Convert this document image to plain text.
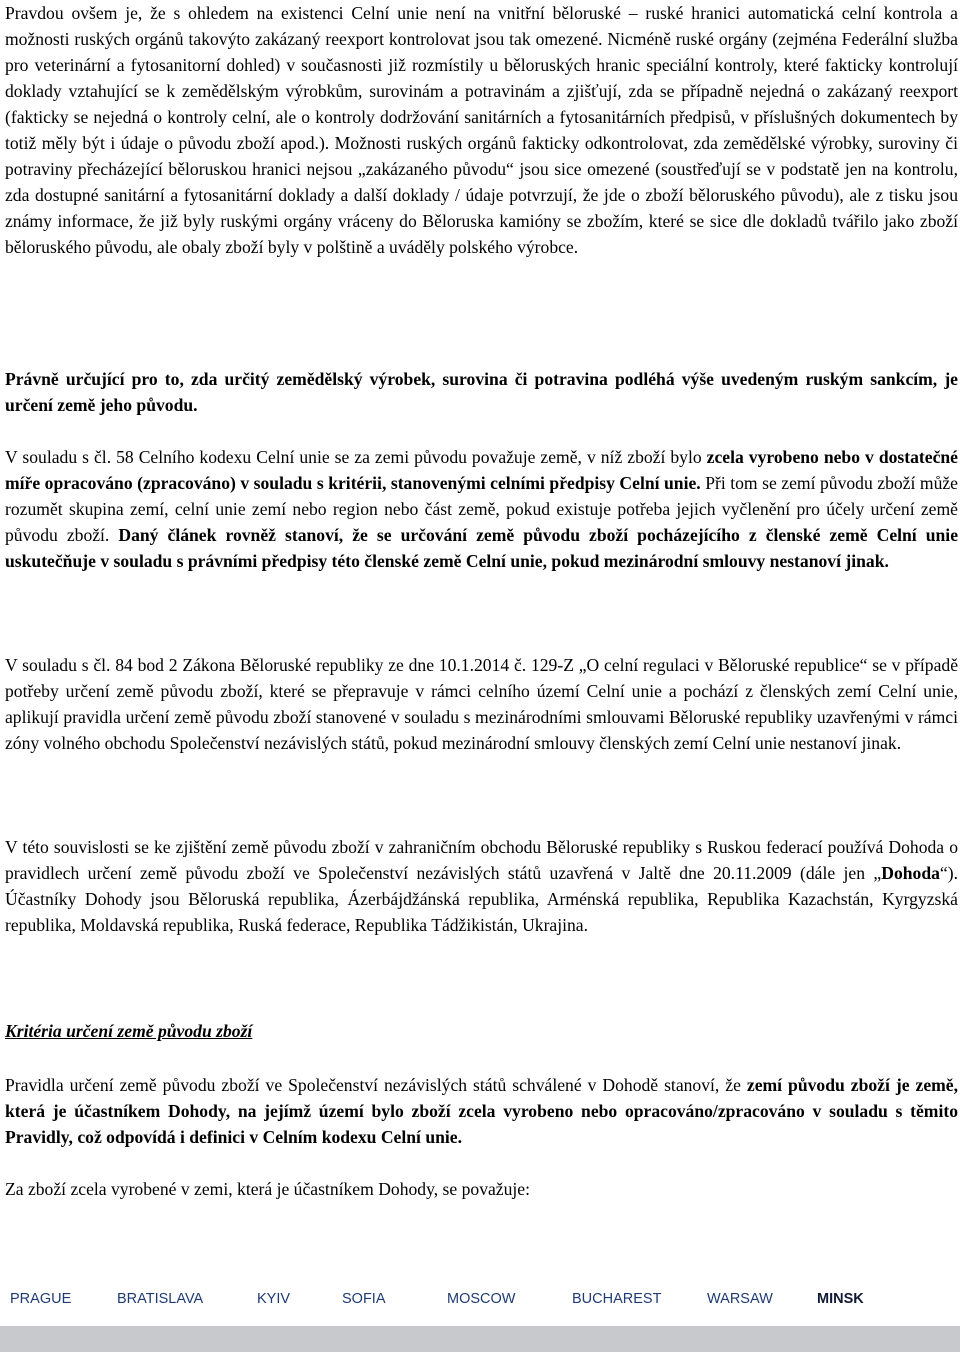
Pravdou ovšem je, že s ohledem na existenci Celní unie není na vnitřní běloruské – ruské hranici automatická celní kontrola a možnosti ruských orgánů takovýto zakázaný reexport kontrolovat jsou tak omezené. Nicméně ruské orgány (zejména Federální služba pro veterinární a fytosanitorní dohled) v současnosti již rozmístily u běloruských hranic speciální kontroly, které fakticky kontrolují doklady vztahující se k zemědělským výrobkům, surovinám a potravinám a zjišťují, zda se případně nejedná o zakázaný reexport (fakticky se nejedná o kontroly celní, ale o kontroly dodržování sanitárních a fytosanitárních předpisů, v příslušných dokumentech by totiž měly být i údaje o původu zboží apod.). Možnosti ruských orgánů fakticky odkontrolovat, zda zemědělské výrobky, suroviny či potraviny přecházející běloruskou hranici nejsou „zakázaného původu“ jsou sice omezené (soustřeďují se v podstatě jen na kontrolu, zda dostupné sanitární a fytosanitární doklady a další doklady / údaje potvrzují, že jde o zboží běloruského původu), ale z tisku jsou známy informace, že již byly ruskými orgány vráceny do Běloruska kamióny se zbožím, které se sice dle dokladů tvářilo jako zboží běloruského původu, ale obaly zboží byly v polštině a uváděly polského výrobce.

Právně určující pro to, zda určitý zemědělský výrobek, surovina či potravina podléhá výše uvedeným ruským sankcím, je určení země jeho původu.

V souladu s čl. 58 Celního kodexu Celní unie se za zemi původu považuje země, v níž zboží bylo zcela vyrobeno nebo v dostatečné míře opracováno (zpracováno) v souladu s kritérii, stanovenými celními předpisy Celní unie. Při tom se zemí původu zboží může rozumět skupina zemí, celní unie zemí nebo region nebo část země, pokud existuje potřeba jejich vyčlenění pro účely určení země původu zboží. Daný článek rovněž stanoví, že se určování země původu zboží pocházejícího z členské země Celní unie uskutečňuje v souladu s právními předpisy této členské země Celní unie, pokud mezinárodní smlouvy nestanoví jinak.

V souladu s čl. 84 bod 2 Zákona Běloruské republiky ze dne 10.1.2014 č. 129-Z „O celní regulaci v Běloruské republice“ se v případě potřeby určení země původu zboží, které se přepravuje v rámci celního území Celní unie a pochází z členských zemí Celní unie, aplikují pravidla určení země původu zboží stanovené v souladu s mezinárodními smlouvami Běloruské republiky uzavřenými v rámci zóny volného obchodu Společenství nezávislých států, pokud mezinárodní smlouvy členských zemí Celní unie nestanoví jinak.

V této souvislosti se ke zjištění země původu zboží v zahraničním obchodu Běloruské republiky s Ruskou federací používá Dohoda o pravidlech určení země původu zboží ve Společenství nezávislých států uzavřená v Jaltě dne 20.11.2009 (dále jen „Dohoda“). Účastníky Dohody jsou Běloruská republika, Ázerbájdžánská republika, Arménská republika, Republika Kazachstán, Kyrgyzská republika, Moldavská republika, Ruská federace, Republika Tádžikistán, Ukrajina.

Kritéria určení země původu zboží

Pravidla určení země původu zboží ve Společenství nezávislých států schválené v Dohodě stanoví, že zemí původu zboží je země, která je účastníkem Dohody, na jejímž území bylo zboží zcela vyrobeno nebo opracováno/zpracováno v souladu s těmito Pravidly, což odpovídá i definici v Celním kodexu Celní unie.

Za zboží zcela vyrobené v zemi, která je účastníkem Dohody, se považuje:

PRAGUE	BRATISLAVA	KYIV	SOFIA	MOSCOW	BUCHAREST	WARSAW	MINSK
